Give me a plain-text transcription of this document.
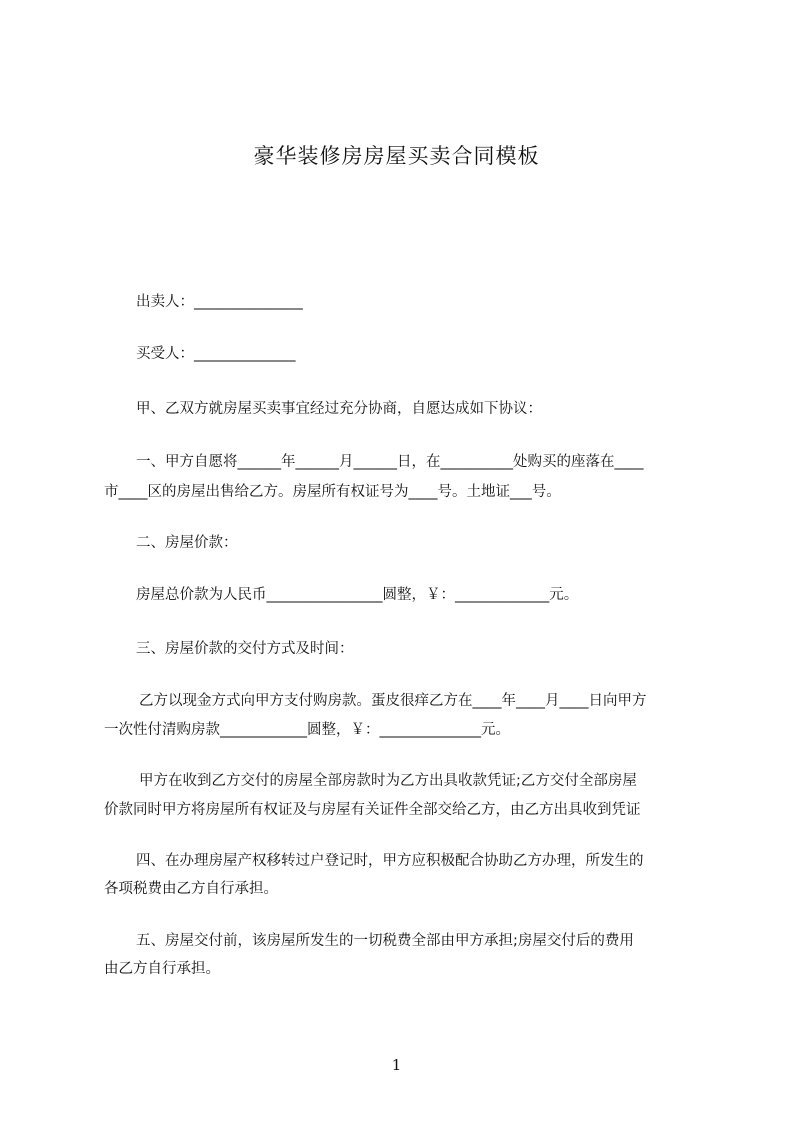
豪华装修房房屋买卖合同模板
出卖人：_______________
买受人：______________
甲、乙双方就房屋买卖事宜经过充分协商，自愿达成如下协议：
一、甲方自愿将______年______月______日，在__________处购买的座落在____
市____区的房屋出售给乙方。房屋所有权证号为____号。土地证___号。
二、房屋价款：
房屋总价款为人民币________________圆整，￥：_____________元。
三、房屋价款的交付方式及时间：
乙方以现金方式向甲方支付购房款。蛋皮很痒乙方在____年____月____日向甲方
一次性付清购房款____________圆整，￥：______________元。
甲方在收到乙方交付的房屋全部房款时为乙方出具收款凭证;乙方交付全部房屋
价款同时甲方将房屋所有权证及与房屋有关证件全部交给乙方，由乙方出具收到凭证
四、在办理房屋产权移转过户登记时，甲方应积极配合协助乙方办理，所发生的
各项税费由乙方自行承担。
五、房屋交付前，该房屋所发生的一切税费全部由甲方承担;房屋交付后的费用
由乙方自行承担。
1
